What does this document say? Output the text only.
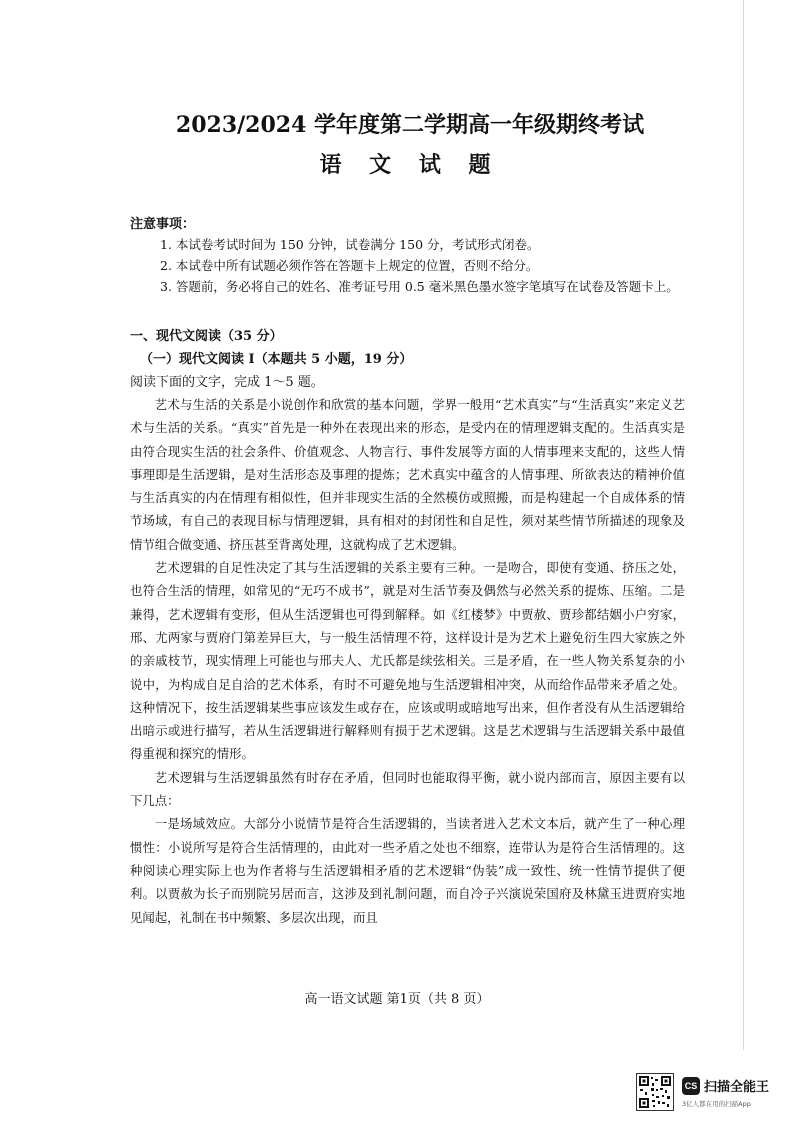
2023/2024 学年度第二学期高一年级期终考试
语 文 试 题
注意事项：
1. 本试卷考试时间为 150 分钟，试卷满分 150 分，考试形式闭卷。
2. 本试卷中所有试题必须作答在答题卡上规定的位置，否则不给分。
3. 答题前，务必将自己的姓名、准考证号用 0.5 毫米黑色墨水签字笔填写在试卷及答题卡上。
一、现代文阅读（35 分）
（一）现代文阅读 I（本题共 5 小题，19 分）
阅读下面的文字，完成 1～5 题。

艺术与生活的关系是小说创作和欣赏的基本问题，学界一般用“艺术真实”与“生活真实”来定义艺术与生活的关系。“真实”首先是一种外在表现出来的形态，是受内在的情理逻辑支配的。生活真实是由符合现实生活的社会条件、价值观念、人物言行、事件发展等方面的人情事理来支配的，这些人情事理即是生活逻辑，是对生活形态及事理的提炼；艺术真实中蕴含的人情事理、所欲表达的精神价值与生活真实的内在情理有相似性，但并非现实生活的全然模仿或照搬，而是构建起一个自成体系的情节场域，有自己的表现目标与情理逻辑，具有相对的封闭性和自足性，须对某些情节所描述的现象及情节组合做变通、挤压甚至背离处理，这就构成了艺术逻辑。

艺术逻辑的自足性决定了其与生活逻辑的关系主要有三种。一是吻合，即使有变通、挤压之处，也符合生活的情理，如常见的“无巧不成书”，就是对生活节奏及偶然与必然关系的提炼、压缩。二是兼得，艺术逻辑有变形，但从生活逻辑也可得到解释。如《红楼梦》中贾赦、贾珍都结姻小户穷家，邢、尤两家与贾府门第差异巨大，与一般生活情理不符，这样设计是为艺术上避免衍生四大家族之外的亲戚枝节，现实情理上可能也与邢夫人、尤氏都是续弦相关。三是矛盾，在一些人物关系复杂的小说中，为构成自足自洽的艺术体系，有时不可避免地与生活逻辑相冲突，从而给作品带来矛盾之处。这种情况下，按生活逻辑某些事应该发生或存在，应该或明或暗地写出来，但作者没有从生活逻辑给出暗示或进行描写，若从生活逻辑进行解释则有损于艺术逻辑。这是艺术逻辑与生活逻辑关系中最值得重视和探究的情形。

艺术逻辑与生活逻辑虽然有时存在矛盾，但同时也能取得平衡，就小说内部而言，原因主要有以下几点：

一是场域效应。大部分小说情节是符合生活逻辑的，当读者进入艺术文本后，就产生了一种心理惯性：小说所写是符合生活情理的，由此对一些矛盾之处也不细察，连带认为是符合生活情理的。这种阅读心理实际上也为作者将与生活逻辑相矛盾的艺术逻辑“伪装”成一致性、统一性情节提供了便利。以贾赦为长子而别院另居而言，这涉及到礼制问题，而自冷子兴演说荣国府及林黛玉进贾府实地见闻起，礼制在书中频繁、多层次出现，而且

高一语文试题 第1页（共 8 页）
CS 扫描全能王
3亿人都在用的扫描App
